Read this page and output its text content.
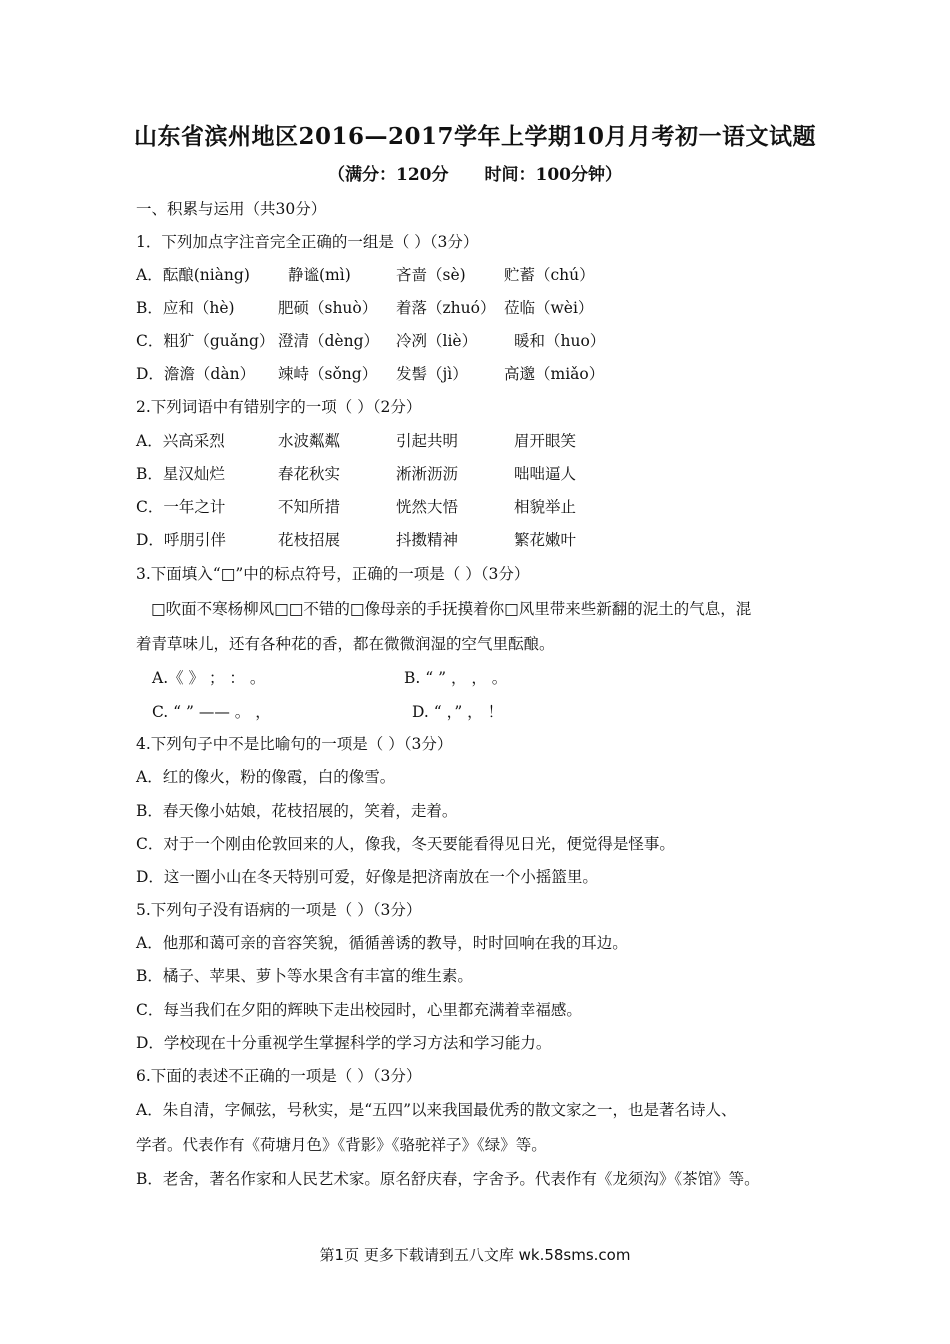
山东省滨州地区2016—2017学年上学期10月月考初一语文试题
（满分：120分 时间：100分钟）
一、积累与运用（共30分）
1．下列加点字注音完全正确的一组是（ ）（3分）
A．酝酿(niàng) 静谧(mì)	吝啬（sè) 贮蓄（chú）
B．应和（hè)	肥硕（shuò） 着落（zhuó） 莅临（wèi）
C．粗犷（guǎng） 澄清（dèng） 冷冽（liè） 暖和（huo）
D．澹澹（dàn） 竦峙（sǒng） 发髻（jì） 高邈（miǎo）
2.下列词语中有错别字的一项（ ）（2分）
A．兴高采烈	水波粼粼	引起共明	眉开眼笑
B．星汉灿烂	春花秋实	淅淅沥沥	咄咄逼人
C．一年之计	不知所措	恍然大悟	相貌举止
D．呼朋引伴	花枝招展	抖擞精神	繁花嫩叶
3.下面填入“□”中的标点符号，正确的一项是（ ）（3分）
□吹面不寒杨柳风□□不错的□像母亲的手抚摸着你□风里带来些新翻的泥土的气息，混
着青草味儿，还有各种花的香，都在微微润湿的空气里酝酿。
A.《 》 ； ： 。	B. “ ” ， ， 。
C. “ ” —— 。 ，	D. “ ，” ， ！
4.下列句子中不是比喻句的一项是（ ）（3分）
A．红的像火，粉的像霞，白的像雪。
B．春天像小姑娘，花枝招展的，笑着，走着。
C．对于一个刚由伦敦回来的人，像我，冬天要能看得见日光，便觉得是怪事。
D．这一圈小山在冬天特别可爱，好像是把济南放在一个小摇篮里。
5.下列句子没有语病的一项是（ ）（3分）
A．他那和蔼可亲的音容笑貌，循循善诱的教导，时时回响在我的耳边。
B．橘子、苹果、萝卜等水果含有丰富的维生素。
C．每当我们在夕阳的辉映下走出校园时，心里都充满着幸福感。
D．学校现在十分重视学生掌握科学的学习方法和学习能力。
6.下面的表述不正确的一项是（ ）（3分）
A．朱自清，字佩弦，号秋实，是“五四”以来我国最优秀的散文家之一，也是著名诗人、
学者。代表作有《荷塘月色》《背影》《骆驼祥子》《绿》等。
B．老舍，著名作家和人民艺术家。原名舒庆春，字舍予。代表作有《龙须沟》《茶馆》等。
第1页 更多下载请到五八文库 wk.58sms.com
